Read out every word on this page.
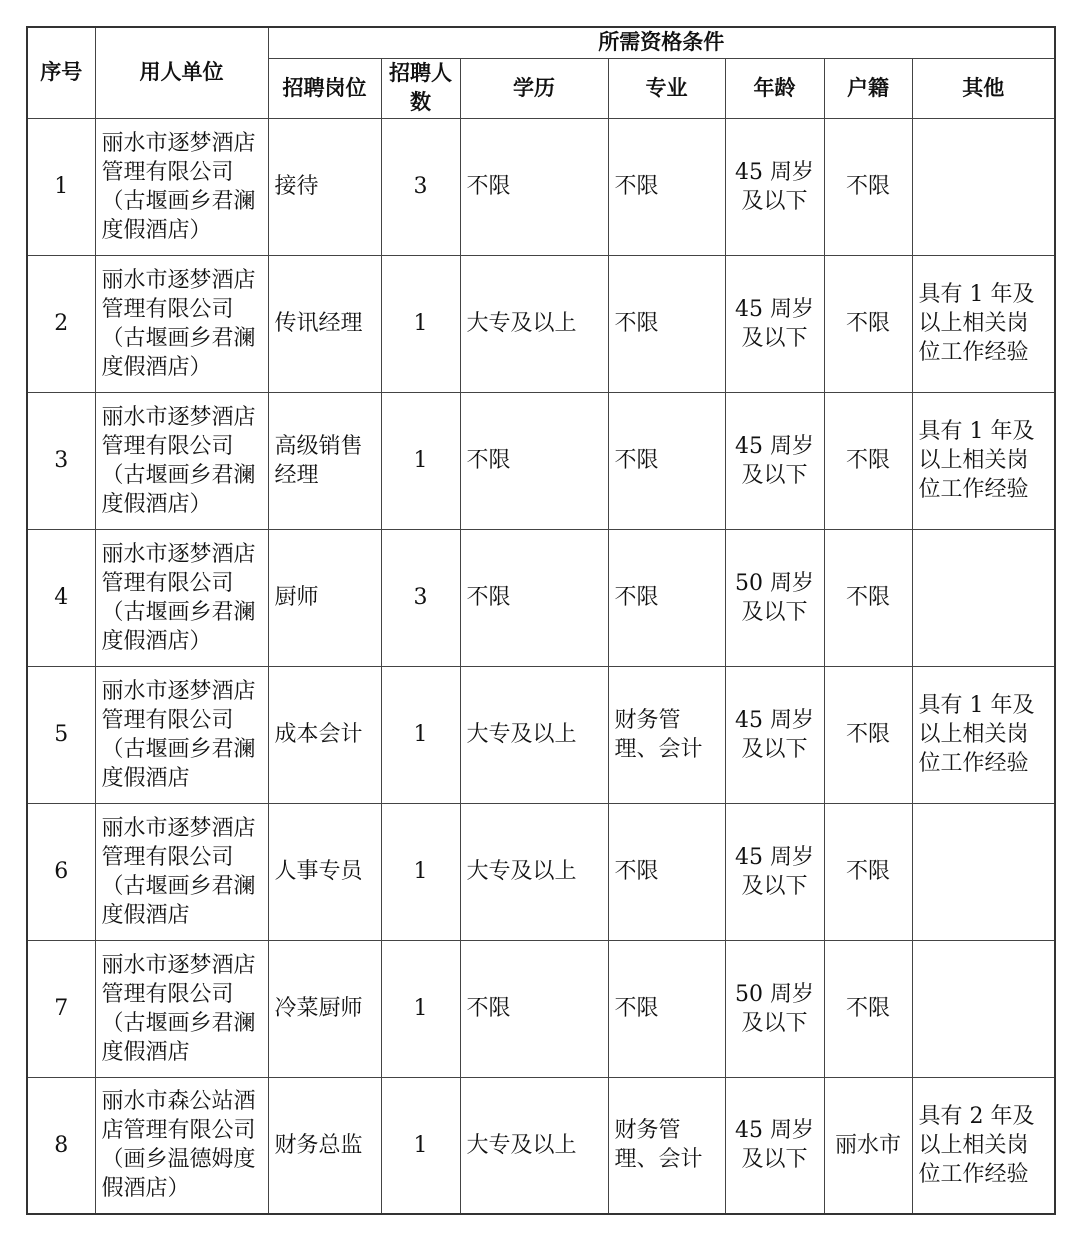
序号	用人单位	所需资格条件						
		招聘岗位	招聘人数	学历	专业	年龄	户籍	其他
1	丽水市逐梦酒店管理有限公司（古堰画乡君澜度假酒店）	接待	3	不限	不限	45 周岁及以下	不限	
2	丽水市逐梦酒店管理有限公司（古堰画乡君澜度假酒店）	传讯经理	1	大专及以上	不限	45 周岁及以下	不限	具有 1 年及以上相关岗位工作经验
3	丽水市逐梦酒店管理有限公司（古堰画乡君澜度假酒店）	高级销售经理	1	不限	不限	45 周岁及以下	不限	具有 1 年及以上相关岗位工作经验
4	丽水市逐梦酒店管理有限公司（古堰画乡君澜度假酒店）	厨师	3	不限	不限	50 周岁及以下	不限	
5	丽水市逐梦酒店管理有限公司（古堰画乡君澜度假酒店	成本会计	1	大专及以上	财务管理、会计	45 周岁及以下	不限	具有 1 年及以上相关岗位工作经验
6	丽水市逐梦酒店管理有限公司（古堰画乡君澜度假酒店	人事专员	1	大专及以上	不限	45 周岁及以下	不限	
7	丽水市逐梦酒店管理有限公司（古堰画乡君澜度假酒店	冷菜厨师	1	不限	不限	50 周岁及以下	不限	
8	丽水市森公站酒店管理有限公司（画乡温德姆度假酒店）	财务总监	1	大专及以上	财务管理、会计	45 周岁及以下	丽水市	具有 2 年及以上相关岗位工作经验
